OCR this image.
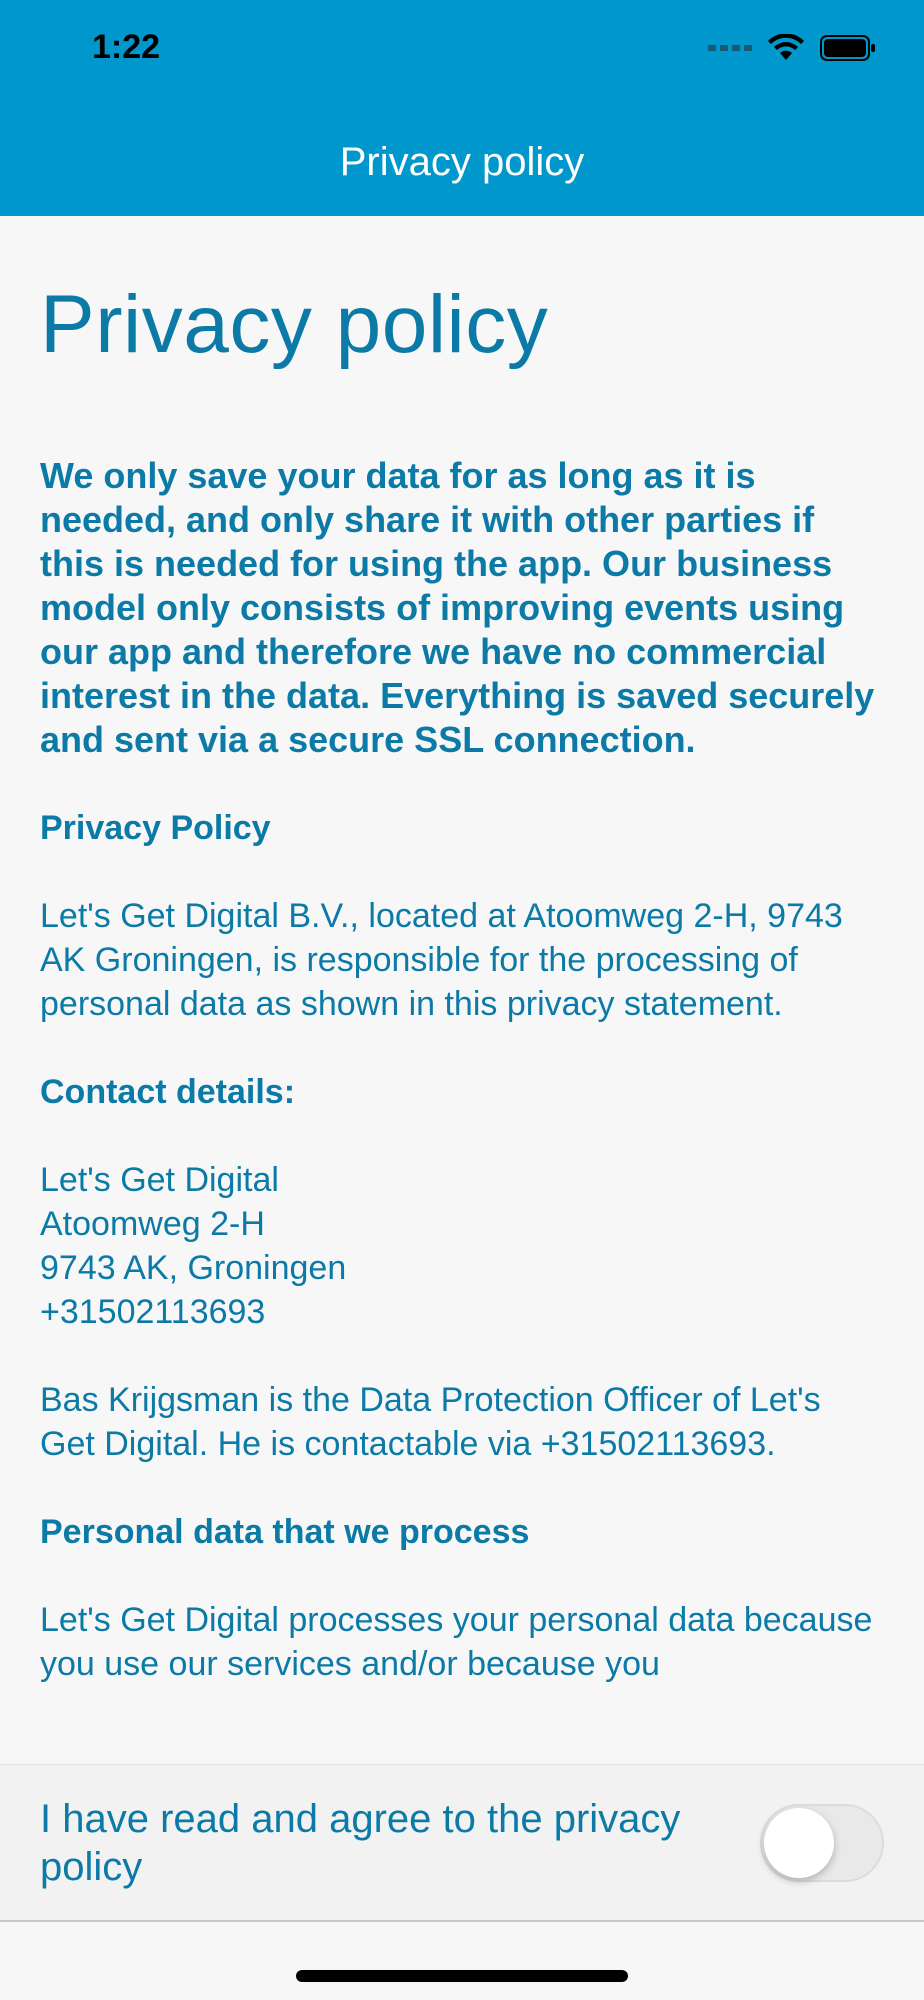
1:22
Privacy policy
Privacy policy

We only save your data for as long as it is needed, and only share it with other parties if this is needed for using the app. Our business model only consists of improving events using our app and therefore we have no commercial interest in the data. Everything is saved securely and sent via a secure SSL connection.

Privacy Policy

Let's Get Digital B.V., located at Atoomweg 2-H, 9743 AK Groningen, is responsible for the processing of personal data as shown in this privacy statement.

Contact details:

Let's Get Digital
Atoomweg 2-H
9743 AK, Groningen
+31502113693

Bas Krijgsman is the Data Protection Officer of Let's Get Digital. He is contactable via +31502113693.

Personal data that we process

Let's Get Digital processes your personal data because you use our services and/or because you

I have read and agree to the privacy policy
